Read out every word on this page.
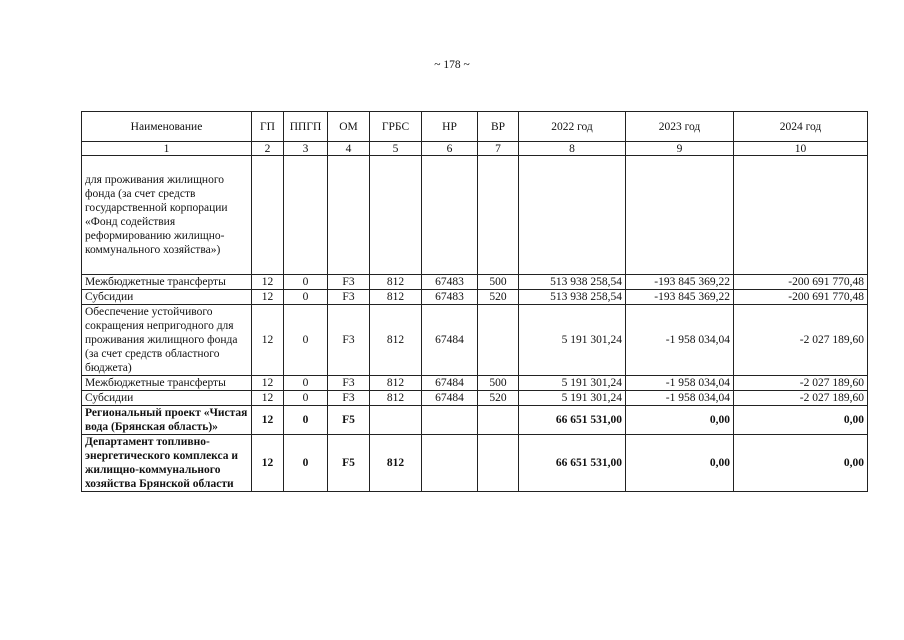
~ 178 ~
Наименование	ГП	ППГП	ОМ	ГРБС	НР	ВР	2022 год	2023 год	2024 год
1	2	3	4	5	6	7	8	9	10
для проживания жилищного фонда (за счет средств государственной корпорации «Фонд содействия реформированию жилищно-коммунального хозяйства»)									
Межбюджетные трансферты	12	0	F3	812	67483	500	513 938 258,54	-193 845 369,22	-200 691 770,48
Субсидии	12	0	F3	812	67483	520	513 938 258,54	-193 845 369,22	-200 691 770,48
Обеспечение устойчивого сокращения непригодного для проживания жилищного фонда (за счет средств областного бюджета)	12	0	F3	812	67484		5 191 301,24	-1 958 034,04	-2 027 189,60
Межбюджетные трансферты	12	0	F3	812	67484	500	5 191 301,24	-1 958 034,04	-2 027 189,60
Субсидии	12	0	F3	812	67484	520	5 191 301,24	-1 958 034,04	-2 027 189,60
Региональный проект «Чистая вода (Брянская область)»	12	0	F5				66 651 531,00	0,00	0,00
Департамент топливно-энергетического комплекса и жилищно-коммунального хозяйства Брянской области	12	0	F5	812			66 651 531,00	0,00	0,00
